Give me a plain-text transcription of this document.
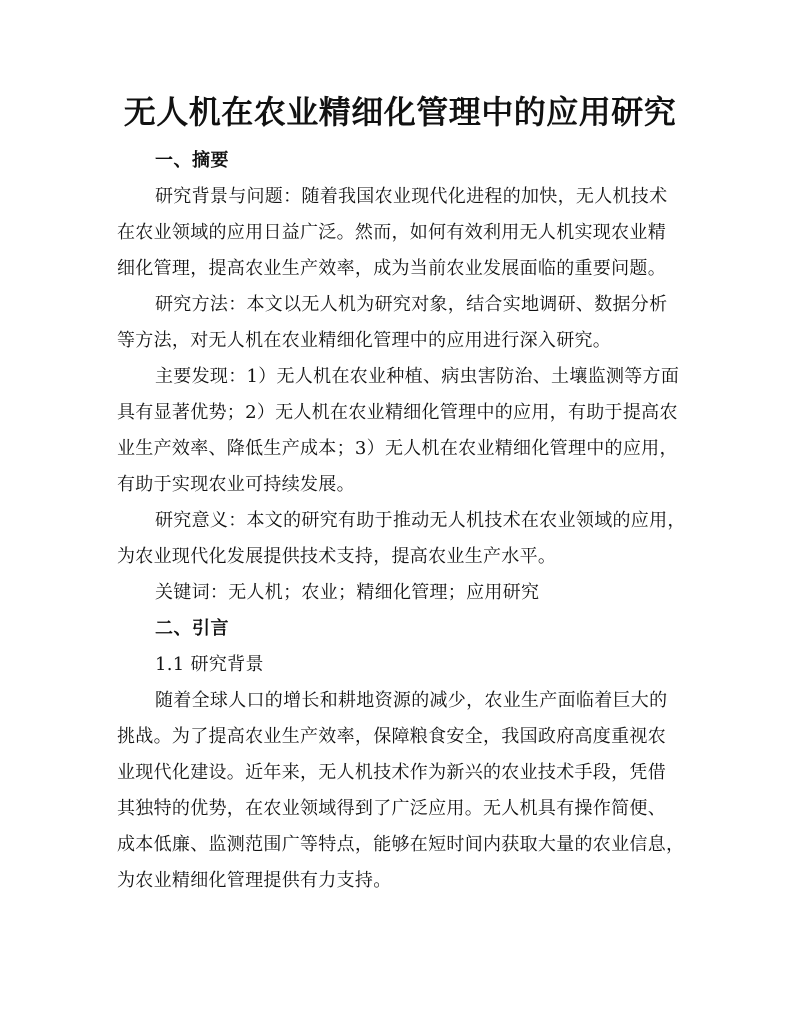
无人机在农业精细化管理中的应用研究
一、摘要
研究背景与问题：随着我国农业现代化进程的加快，无人机技术
在农业领域的应用日益广泛。然而，如何有效利用无人机实现农业精
细化管理，提高农业生产效率，成为当前农业发展面临的重要问题。
研究方法：本文以无人机为研究对象，结合实地调研、数据分析
等方法，对无人机在农业精细化管理中的应用进行深入研究。
主要发现：1）无人机在农业种植、病虫害防治、土壤监测等方面
具有显著优势；2）无人机在农业精细化管理中的应用，有助于提高农
业生产效率、降低生产成本；3）无人机在农业精细化管理中的应用，
有助于实现农业可持续发展。
研究意义：本文的研究有助于推动无人机技术在农业领域的应用，
为农业现代化发展提供技术支持，提高农业生产水平。
关键词：无人机；农业；精细化管理；应用研究
二、引言
1.1 研究背景
随着全球人口的增长和耕地资源的减少，农业生产面临着巨大的
挑战。为了提高农业生产效率，保障粮食安全，我国政府高度重视农
业现代化建设。近年来，无人机技术作为新兴的农业技术手段，凭借
其独特的优势，在农业领域得到了广泛应用。无人机具有操作简便、
成本低廉、监测范围广等特点，能够在短时间内获取大量的农业信息，
为农业精细化管理提供有力支持。
